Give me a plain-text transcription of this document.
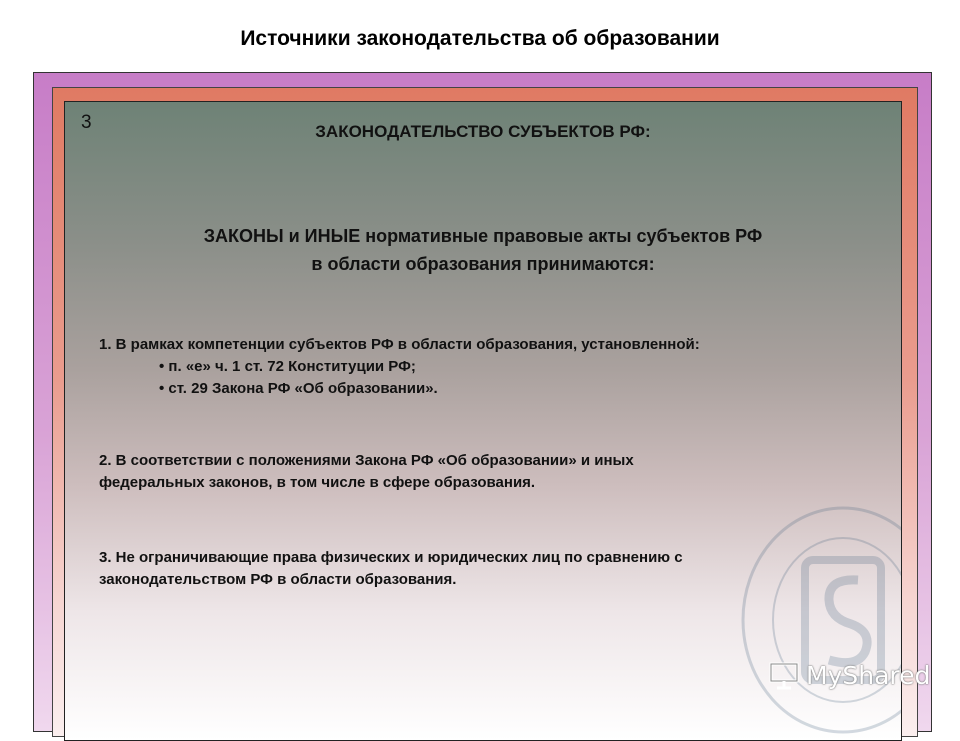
Источники законодательства об образовании
3	ЗАКОНОДАТЕЛЬСТВО СУБЪЕКТОВ РФ:
ЗАКОНЫ и ИНЫЕ нормативные правовые акты субъектов РФ
в области образования принимаются:
1. В рамках компетенции субъектов РФ в области образования, установленной:
• п. «е» ч. 1 ст. 72 Конституции РФ;
• ст. 29 Закона РФ «Об образовании».
2. В соответствии с положениями Закона РФ «Об образовании» и иных
федеральных законов, в том числе в сфере образования.
3. Не ограничивающие права физических и юридических лиц по сравнению с
законодательством РФ в области образования.
MyShared
